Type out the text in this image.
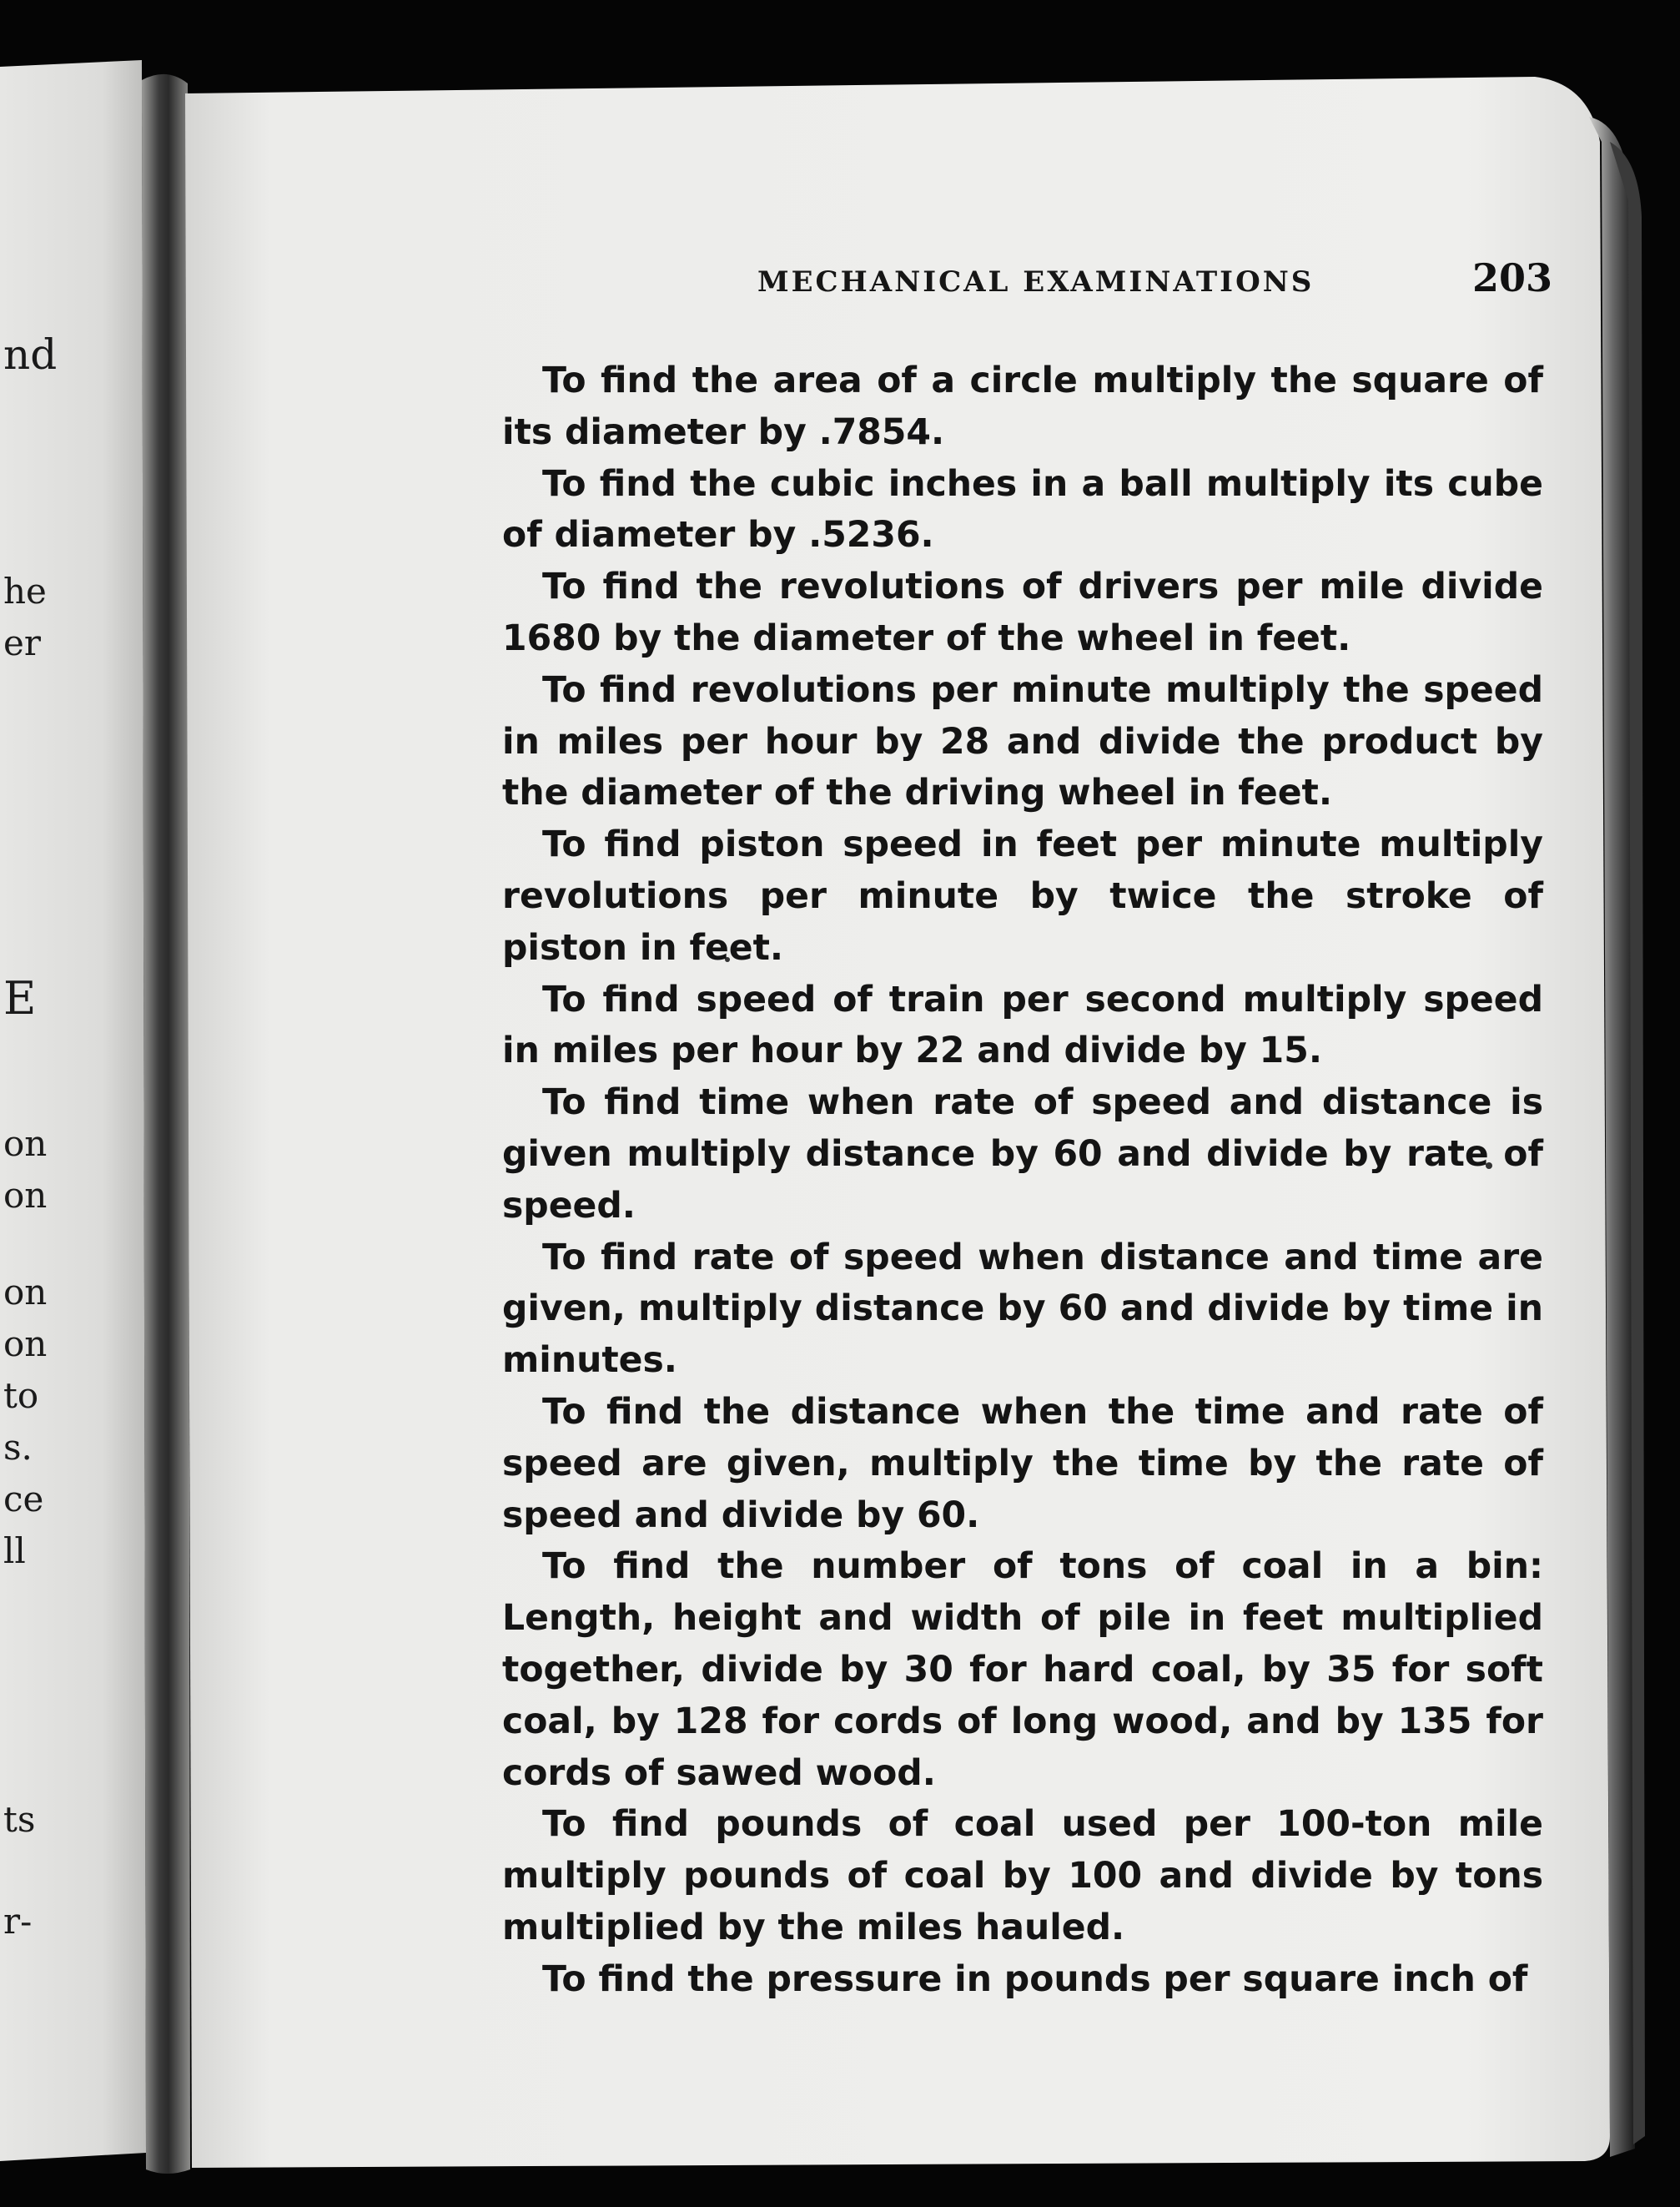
nd
he
er
E
on
on
on
on
to
s.
ce
ll
ts
r-
MECHANICAL EXAMINATIONS	203

To find the area of a circle multiply the square of its diameter by .7854.

To find the cubic inches in a ball multiply its cube of diameter by .5236.

To find the revolutions of drivers per mile divide 1680 by the diameter of the wheel in feet.

To find revolutions per minute multiply the speed in miles per hour by 28 and divide the product by the diameter of the driving wheel in feet.

To find piston speed in feet per minute multiply revolutions per minute by twice the stroke of piston in feet.

To find speed of train per second multiply speed in miles per hour by 22 and divide by 15.

To find time when rate of speed and distance is given multiply distance by 60 and divide by rate of speed.

To find rate of speed when distance and time are given, multiply distance by 60 and divide by time in minutes.

To find the distance when the time and rate of speed are given, multiply the time by the rate of speed and divide by 60.

To find the number of tons of coal in a bin: Length, height and width of pile in feet multiplied together, divide by 30 for hard coal, by 35 for soft coal, by 128 for cords of long wood, and by 135 for cords of sawed wood.

To find pounds of coal used per 100-ton mile multiply pounds of coal by 100 and divide by tons multiplied by the miles hauled.

To find the pressure in pounds per square inch of
